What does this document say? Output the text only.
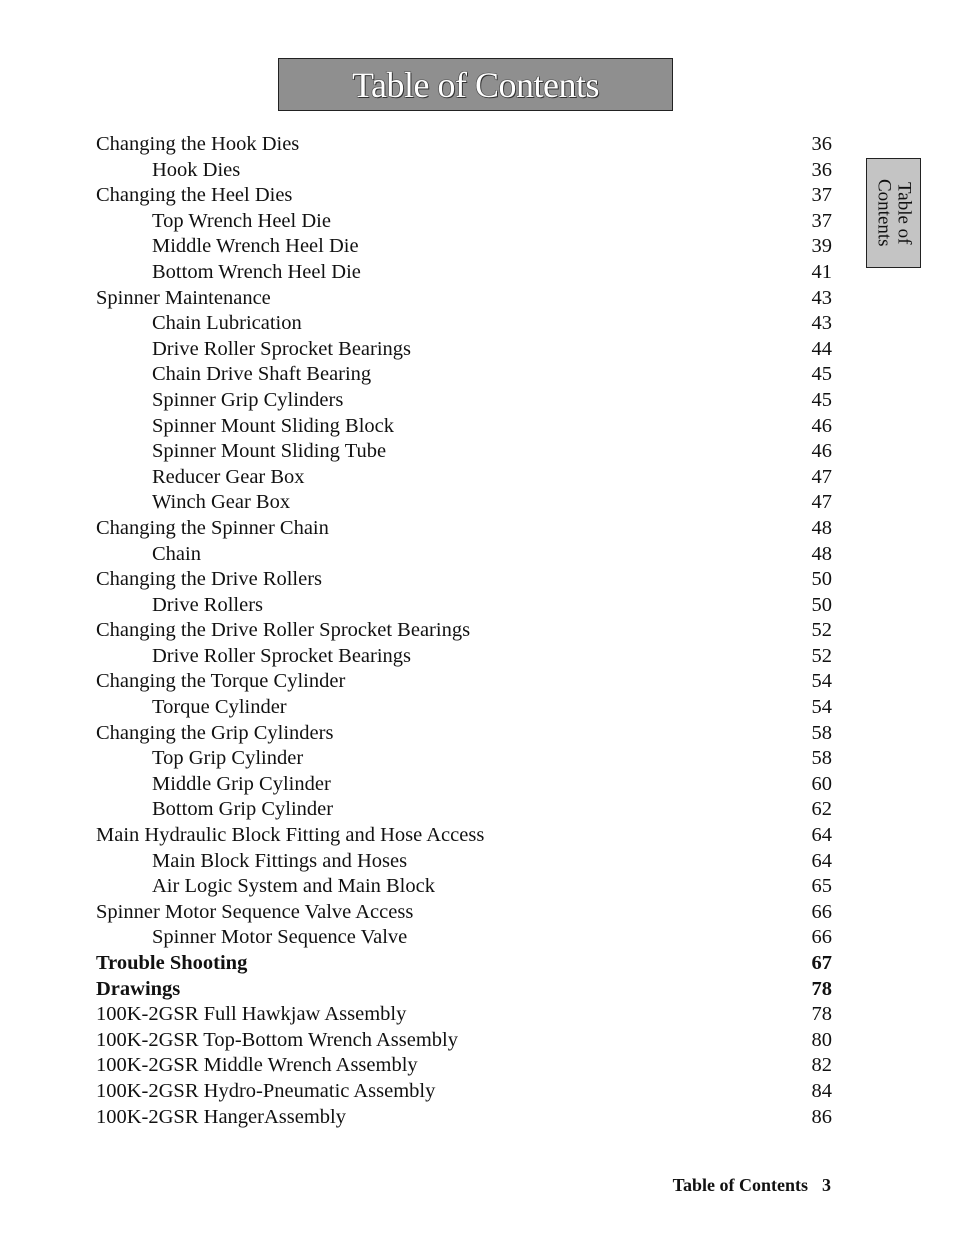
Table of Contents
Table of
Contents
Changing the Hook Dies	36
Hook Dies	36
Changing the Heel Dies	37
Top Wrench Heel Die	37
Middle Wrench Heel Die	39
Bottom Wrench Heel Die	41
Spinner Maintenance	43
Chain Lubrication	43
Drive Roller Sprocket Bearings	44
Chain Drive Shaft Bearing	45
Spinner Grip Cylinders	45
Spinner Mount Sliding Block	46
Spinner Mount Sliding Tube	46
Reducer Gear Box	47
Winch Gear Box	47
Changing the Spinner Chain	48
Chain	48
Changing the Drive Rollers	50
Drive Rollers	50
Changing the Drive Roller Sprocket Bearings	52
Drive Roller Sprocket Bearings	52
Changing the Torque Cylinder	54
Torque Cylinder	54
Changing the Grip Cylinders	58
Top Grip Cylinder	58
Middle Grip Cylinder	60
Bottom Grip Cylinder	62
Main Hydraulic Block Fitting and Hose Access	64
Main Block Fittings and Hoses	64
Air Logic System and Main Block	65
Spinner Motor Sequence Valve Access	66
Spinner Motor Sequence Valve	66
Trouble Shooting	67
Drawings	78
100K-2GSR Full Hawkjaw Assembly	78
100K-2GSR Top-Bottom Wrench Assembly	80
100K-2GSR Middle Wrench Assembly	82
100K-2GSR Hydro-Pneumatic Assembly	84
100K-2GSR HangerAssembly	86
Table of Contents 3
